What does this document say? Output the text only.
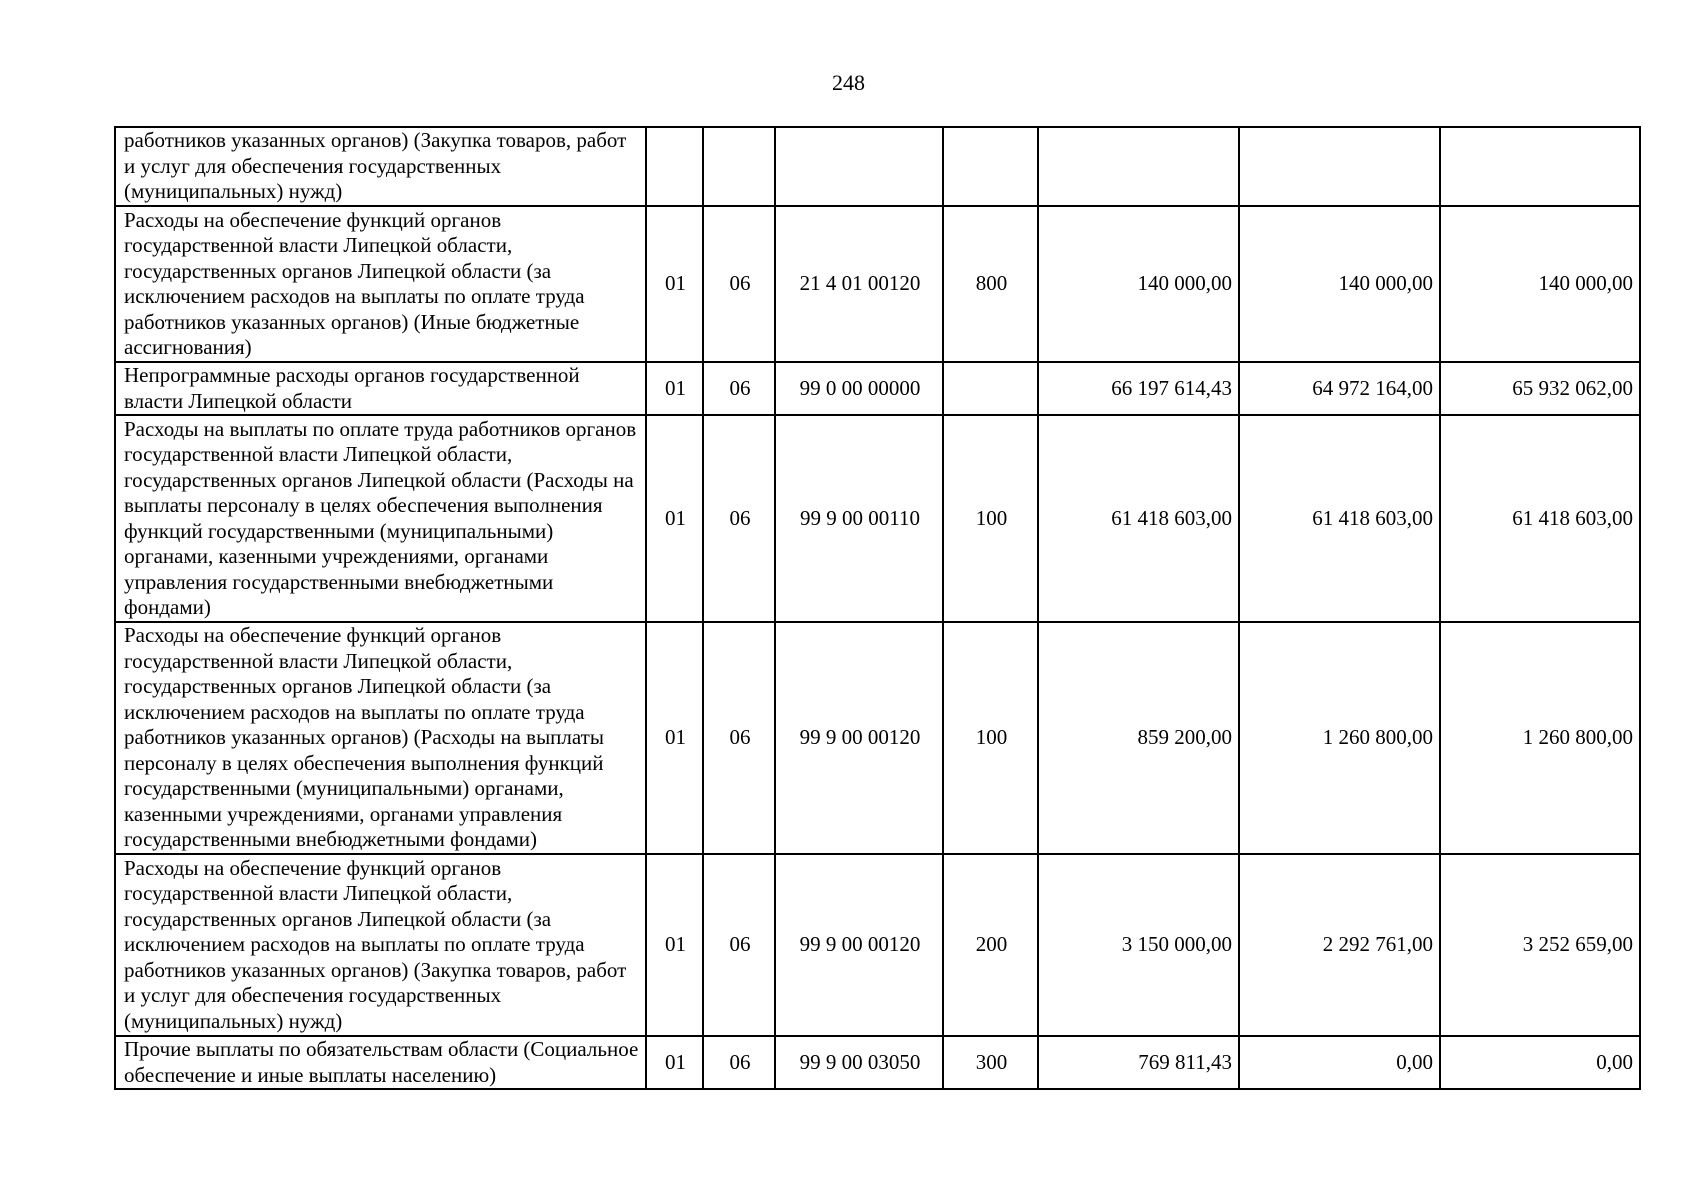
248
работников указанных органов) (Закупка товаров, работ и услуг для обеспечения государственных (муниципальных) нужд)							
Расходы на обеспечение функций органов государственной власти Липецкой области, государственных органов Липецкой области (за исключением расходов на выплаты по оплате труда работников указанных органов) (Иные бюджетные ассигнования)	01	06	21 4 01 00120	800	140 000,00	140 000,00	140 000,00
Непрограммные расходы органов государственной власти Липецкой области	01	06	99 0 00 00000		66 197 614,43	64 972 164,00	65 932 062,00
Расходы на выплаты по оплате труда работников органов государственной власти Липецкой области, государственных органов Липецкой области (Расходы на выплаты персоналу в целях обеспечения выполнения функций государственными (муниципальными) органами, казенными учреждениями, органами управления государственными внебюджетными фондами)	01	06	99 9 00 00110	100	61 418 603,00	61 418 603,00	61 418 603,00
Расходы на обеспечение функций органов государственной власти Липецкой области, государственных органов Липецкой области (за исключением расходов на выплаты по оплате труда работников указанных органов) (Расходы на выплаты персоналу в целях обеспечения выполнения функций государственными (муниципальными) органами, казенными учреждениями, органами управления государственными внебюджетными фондами)	01	06	99 9 00 00120	100	859 200,00	1 260 800,00	1 260 800,00
Расходы на обеспечение функций органов государственной власти Липецкой области, государственных органов Липецкой области (за исключением расходов на выплаты по оплате труда работников указанных органов) (Закупка товаров, работ и услуг для обеспечения государственных (муниципальных) нужд)	01	06	99 9 00 00120	200	3 150 000,00	2 292 761,00	3 252 659,00
Прочие выплаты по обязательствам области (Социальное обеспечение и иные выплаты населению)	01	06	99 9 00 03050	300	769 811,43	0,00	0,00
